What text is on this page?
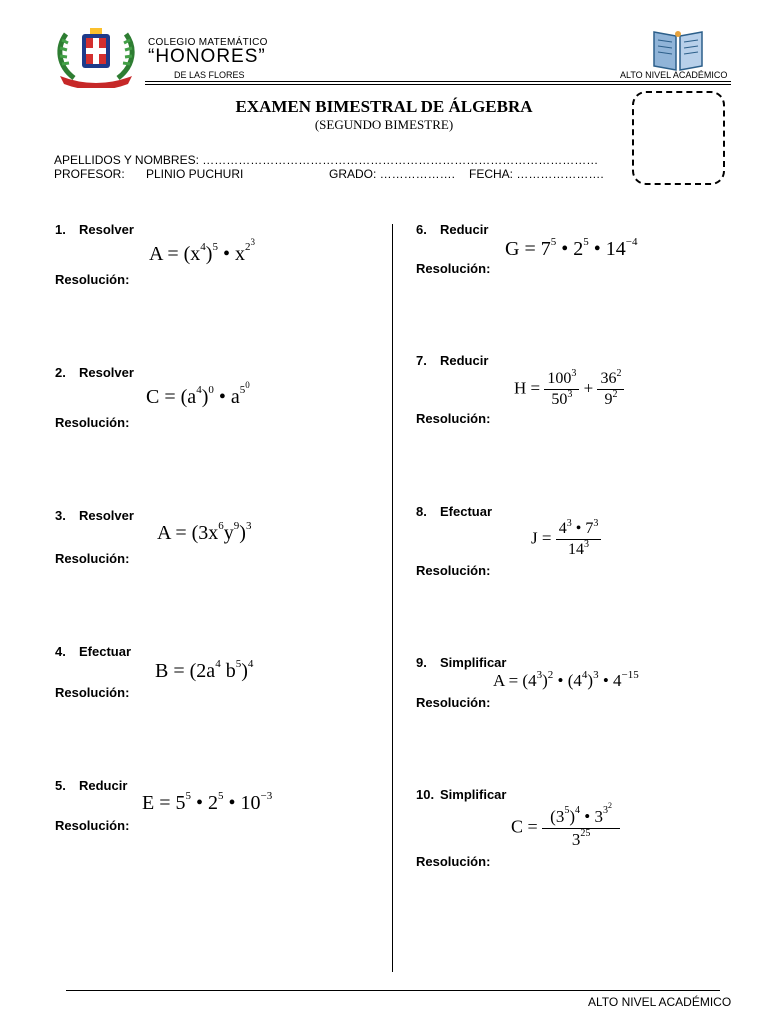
COLEGIO MATEMÁTICO
“HONORES”
DE LAS FLORES	ALTO NIVEL ACADÉMICO
EXAMEN BIMESTRAL DE ÁLGEBRA
(SEGUNDO BIMESTRE)
APELLIDOS Y NOMBRES: ………………………………………………………………………………………
PROFESOR: PLINIO PUCHURI	GRADO: ………………. FECHA: ………………….
1. Resolver
$A = (x^4)^5$ • $x^{2^3}$
Resolución:
2. Resolver
$C = (a^4)^0$ • $a^{5^0}$
Resolución:
3. Resolver
$A = (3x^6y^9)^3$
Resolución:
4. Efectuar
$B = (2a^4$ $b^5)^4$
Resolución:
5. Reducir
$E = 5^5$ • $2^5$ • $10^{-3}$
Resolución:
6. Reducir
$G = 7^5$ • $2^5$ • $14^{-4}$
Resolución:
7. Reducir
$H = \frac{100^3}{50^3} + \frac{36^2}{9^2}$
Resolución:
8. Efectuar
$J = \frac{4^3 • 7^3}{14^3}$
Resolución:
9. Simplificar
$A = (4^3)^2$ • $(4^4)^3$ • $4^{-15}$
Resolución:
10. Simplificar
$C = \frac{(3^5)^4 • 3^{3^2}}{3^{25}}$
Resolución:
ALTO NIVEL ACADÉMICO
